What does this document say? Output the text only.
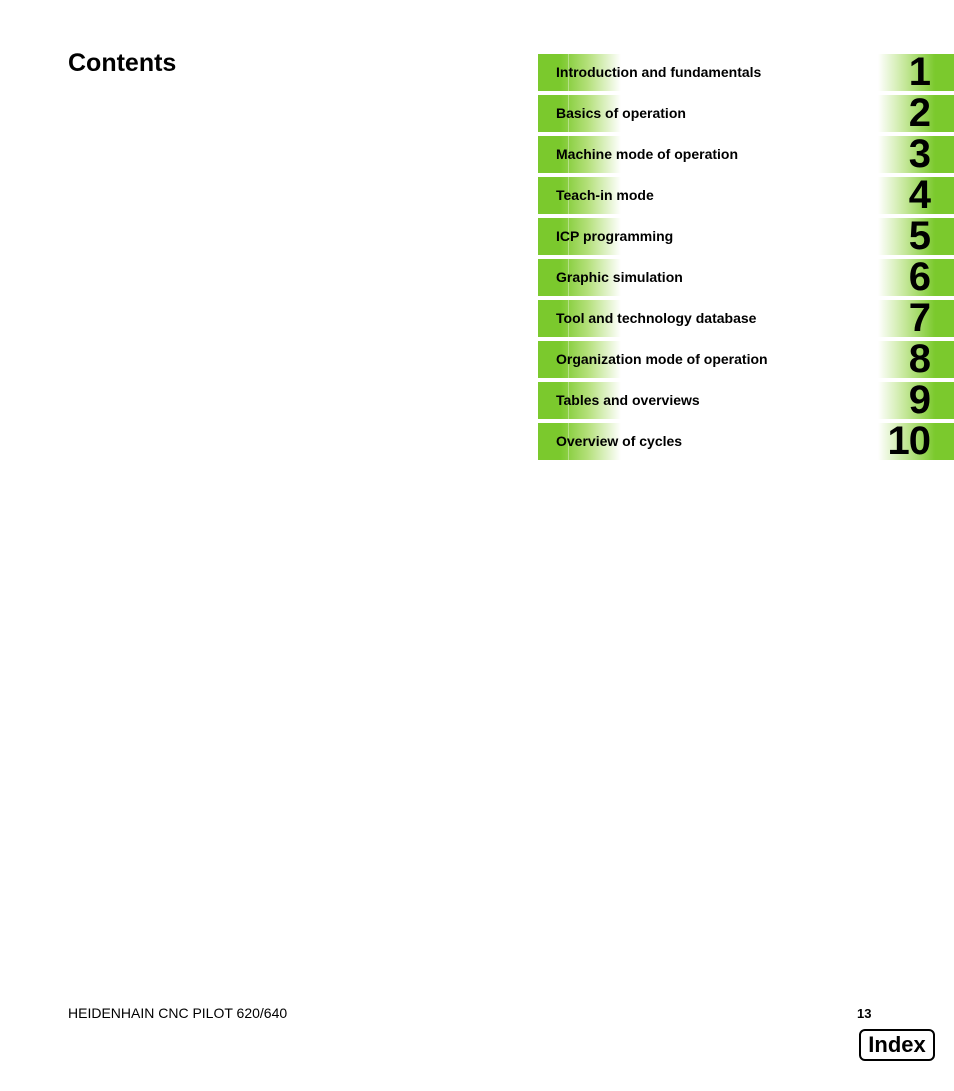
Contents	Introduction and fundamentals	1
Basics of operation	2
Machine mode of operation	3
Teach-in mode	4
ICP programming	5
Graphic simulation	6
Tool and technology database	7
Organization mode of operation	8
Tables and overviews	9
Overview of cycles	10
HEIDENHAIN CNC PILOT 620/640	13
Index
